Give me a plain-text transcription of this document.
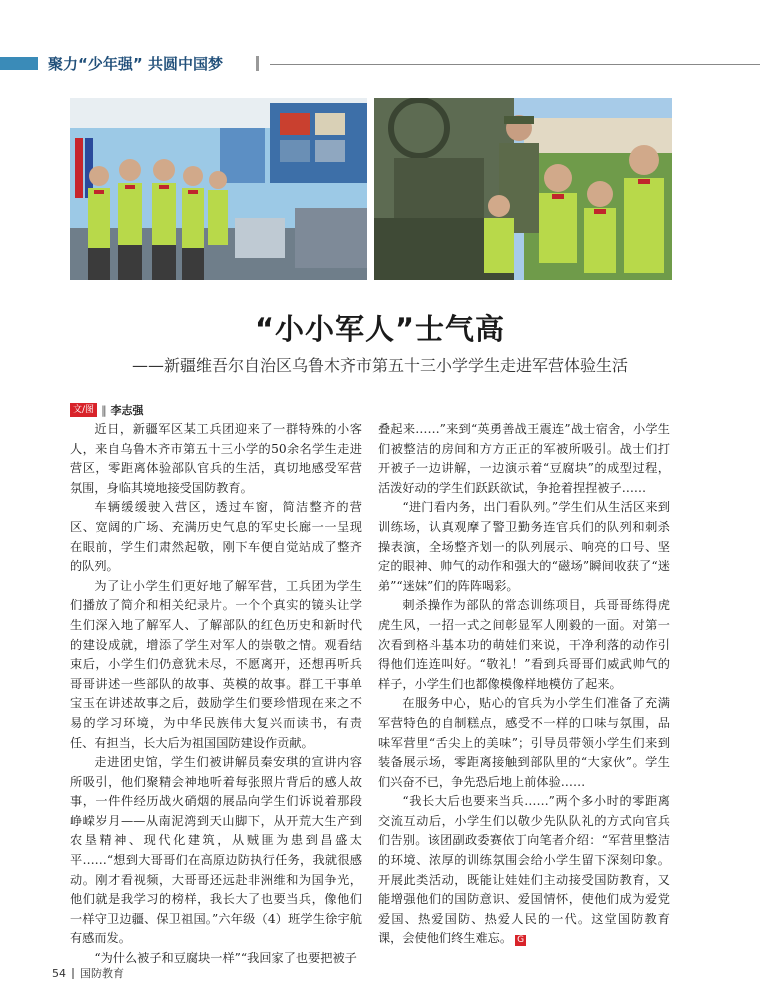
聚力“少年强” 共圆中国梦
“小小军人”士气高
——新疆维吾尔自治区乌鲁木齐市第五十三小学学生走进军营体验生活
文/图 ‖ 李志强

近日，新疆军区某工兵团迎来了一群特殊的小客人，来自乌鲁木齐市第五十三小学的50余名学生走进营区，零距离体验部队官兵的生活，真切地感受军营氛围，身临其境地接受国防教育。

车辆缓缓驶入营区，透过车窗，简洁整齐的营区、宽阔的广场、充满历史气息的军史长廊一一呈现在眼前，学生们肃然起敬，刚下车便自觉站成了整齐的队列。

为了让小学生们更好地了解军营，工兵团为学生们播放了简介和相关纪录片。一个个真实的镜头让学生们深入地了解军人、了解部队的红色历史和新时代的建设成就，增添了学生对军人的崇敬之情。观看结束后，小学生们仍意犹未尽，不愿离开，还想再听兵哥哥讲述一些部队的故事、英模的故事。群工干事单宝玉在讲述故事之后，鼓励学生们要珍惜现在来之不易的学习环境，为中华民族伟大复兴而读书，有责任、有担当，长大后为祖国国防建设作贡献。

走进团史馆，学生们被讲解员秦安琪的宣讲内容所吸引，他们聚精会神地听着每张照片背后的感人故事，一件件经历战火硝烟的展品向学生们诉说着那段峥嵘岁月——从南泥湾到天山脚下，从开荒大生产到农垦精神、现代化建筑，从贼匪为患到昌盛太平……“想到大哥哥们在高原边防执行任务，我就很感动。刚才看视频，大哥哥还远赴非洲维和为国争光，他们就是我学习的榜样，我长大了也要当兵，像他们一样守卫边疆、保卫祖国。”六年级（4）班学生徐宇航有感而发。

“为什么被子和豆腐块一样”“我回家了也要把被子

叠起来……”来到“英勇善战王震连”战士宿舍，小学生们被整洁的房间和方方正正的军被所吸引。战士们打开被子一边讲解，一边演示着“豆腐块”的成型过程，活泼好动的学生们跃跃欲试，争抢着捏捏被子……

“进门看内务，出门看队列。”学生们从生活区来到训练场，认真观摩了警卫勤务连官兵们的队列和刺杀操表演，全场整齐划一的队列展示、响亮的口号、坚定的眼神、帅气的动作和强大的“磁场”瞬间收获了“迷弟”“迷妹”们的阵阵喝彩。

刺杀操作为部队的常态训练项目，兵哥哥练得虎虎生风，一招一式之间彰显军人刚毅的一面。对第一次看到格斗基本功的萌娃们来说，干净利落的动作引得他们连连叫好。“敬礼！”看到兵哥哥们威武帅气的样子，小学生们也都像模像样地模仿了起来。

在服务中心，贴心的官兵为小学生们准备了充满军营特色的自制糕点，感受不一样的口味与氛围，品味军营里“舌尖上的美味”；引导员带领小学生们来到装备展示场，零距离接触到部队里的“大家伙”。学生们兴奋不已，争先恐后地上前体验……

“我长大后也要来当兵……”两个多小时的零距离交流互动后，小学生们以敬少先队队礼的方式向官兵们告别。该团副政委赛依丁向笔者介绍：“军营里整洁的环境、浓厚的训练氛围会给小学生留下深刻印象。开展此类活动，既能让娃娃们主动接受国防教育，又能增强他们的国防意识、爱国情怀，使他们成为爱党爱国、热爱国防、热爱人民的一代。这堂国防教育课，会使他们终生难忘。 G

54 国防教育
